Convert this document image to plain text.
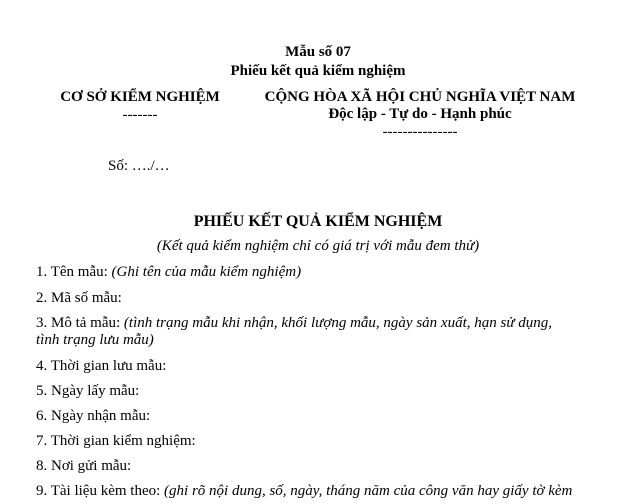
Mẫu số 07
Phiếu kết quả kiểm nghiệm
CƠ SỞ KIỂM NGHIỆM
-------
CỘNG HÒA XÃ HỘI CHỦ NGHĨA VIỆT NAM
Độc lập - Tự do - Hạnh phúc
---------------
Số: …./…
PHIẾU KẾT QUẢ KIỂM NGHIỆM
(Kết quả kiểm nghiệm chỉ có giá trị với mẫu đem thử)
1. Tên mẫu: (Ghi tên của mẫu kiểm nghiệm)
2. Mã số mẫu:
3. Mô tả mẫu: (tình trạng mẫu khi nhận, khối lượng mẫu, ngày sản xuất, hạn sử dụng,
tình trạng lưu mẫu)
4. Thời gian lưu mẫu:
5. Ngày lấy mẫu:
6. Ngày nhận mẫu:
7. Thời gian kiểm nghiệm:
8. Nơi gửi mẫu:
9. Tài liệu kèm theo: (ghi rõ nội dung, số, ngày, tháng năm của công văn hay giấy tờ kèm
